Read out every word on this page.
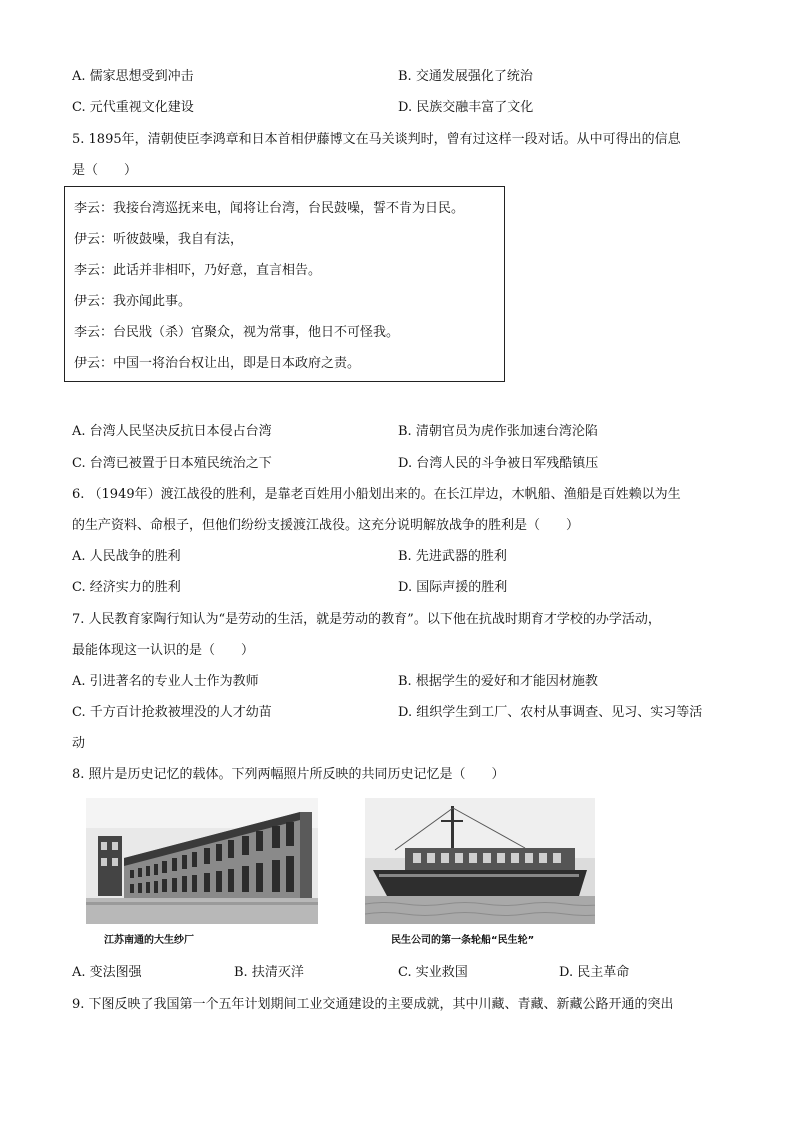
A. 儒家思想受到冲击	B. 交通发展强化了统治
C. 元代重视文化建设	D. 民族交融丰富了文化
5. 1895年，清朝使臣李鸿章和日本首相伊藤博文在马关谈判时，曾有过这样一段对话。从中可得出的信息
是（　　）
李云：我接台湾巡抚来电，闻将让台湾，台民鼓噪，誓不肯为日民。
伊云：听彼鼓噪，我自有法，
李云：此话并非相吓，乃好意，直言相告。
伊云：我亦闻此事。
李云：台民戕（杀）官聚众，视为常事，他日不可怪我。
伊云：中国一将治台权让出，即是日本政府之责。
A. 台湾人民坚决反抗日本侵占台湾	B. 清朝官员为虎作张加速台湾沦陷
C. 台湾已被置于日本殖民统治之下	D. 台湾人民的斗争被日军残酷镇压
6. （1949年）渡江战役的胜利，是靠老百姓用小船划出来的。在长江岸边，木帆船、渔船是百姓赖以为生
的生产资料、命根子，但他们纷纷支援渡江战役。这充分说明解放战争的胜利是（　　）
A. 人民战争的胜利	B. 先进武器的胜利
C. 经济实力的胜利	D. 国际声援的胜利
7. 人民教育家陶行知认为“是劳动的生活，就是劳动的教育”。以下他在抗战时期育才学校的办学活动，
最能体现这一认识的是（　　）
A. 引进著名的专业人士作为教师	B. 根据学生的爱好和才能因材施教
C. 千方百计抢救被埋没的人才幼苗	D. 组织学生到工厂、农村从事调查、见习、实习等活
动
8. 照片是历史记忆的载体。下列两幅照片所反映的共同历史记忆是（　　）
江苏南通的大生纱厂	民生公司的第一条轮船“民生轮”
A. 变法图强	B. 扶清灭洋	C. 实业救国	D. 民主革命
9. 下图反映了我国第一个五年计划期间工业交通建设的主要成就，其中川藏、青藏、新藏公路开通的突出
